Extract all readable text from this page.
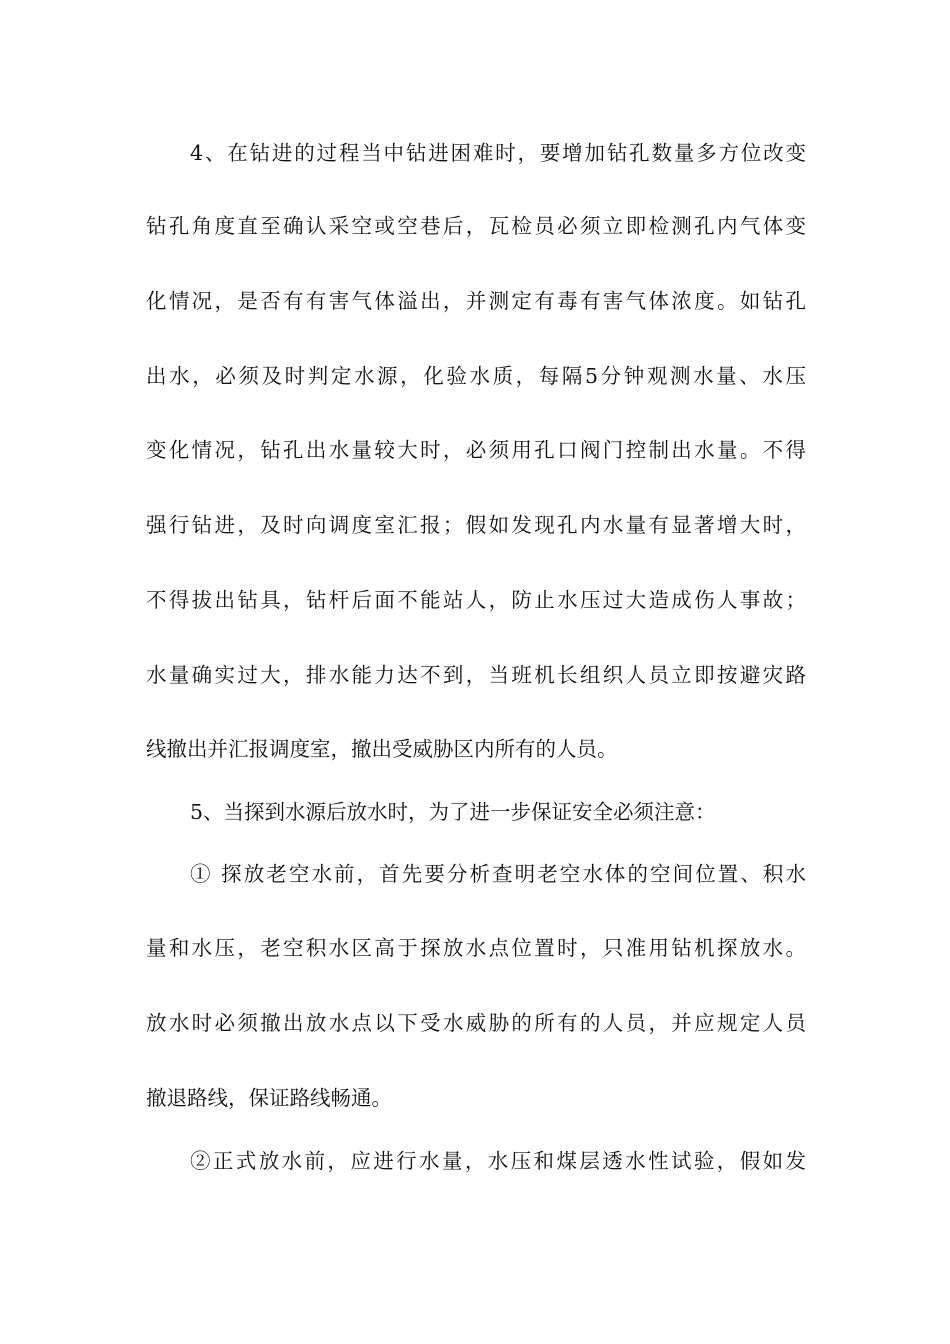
4、在钻进的过程当中钻进困难时，要增加钻孔数量多方位改变
钻孔角度直至确认采空或空巷后，瓦检员必须立即检测孔内气体变
化情况，是否有有害气体溢出，并测定有毒有害气体浓度。如钻孔
出水，必须及时判定水源，化验水质，每隔5分钟观测水量、水压
变化情况，钻孔出水量较大时，必须用孔口阀门控制出水量。不得
强行钻进，及时向调度室汇报；假如发现孔内水量有显著增大时，
不得拔出钻具，钻杆后面不能站人，防止水压过大造成伤人事故；
水量确实过大，排水能力达不到，当班机长组织人员立即按避灾路
线撤出并汇报调度室，撤出受威胁区内所有的人员。
5、当探到水源后放水时，为了进一步保证安全必须注意：
① 探放老空水前，首先要分析查明老空水体的空间位置、积水
量和水压，老空积水区高于探放水点位置时，只准用钻机探放水。
放水时必须撤出放水点以下受水威胁的所有的人员，并应规定人员
撤退路线，保证路线畅通。
②正式放水前，应进行水量，水压和煤层透水性试验，假如发
